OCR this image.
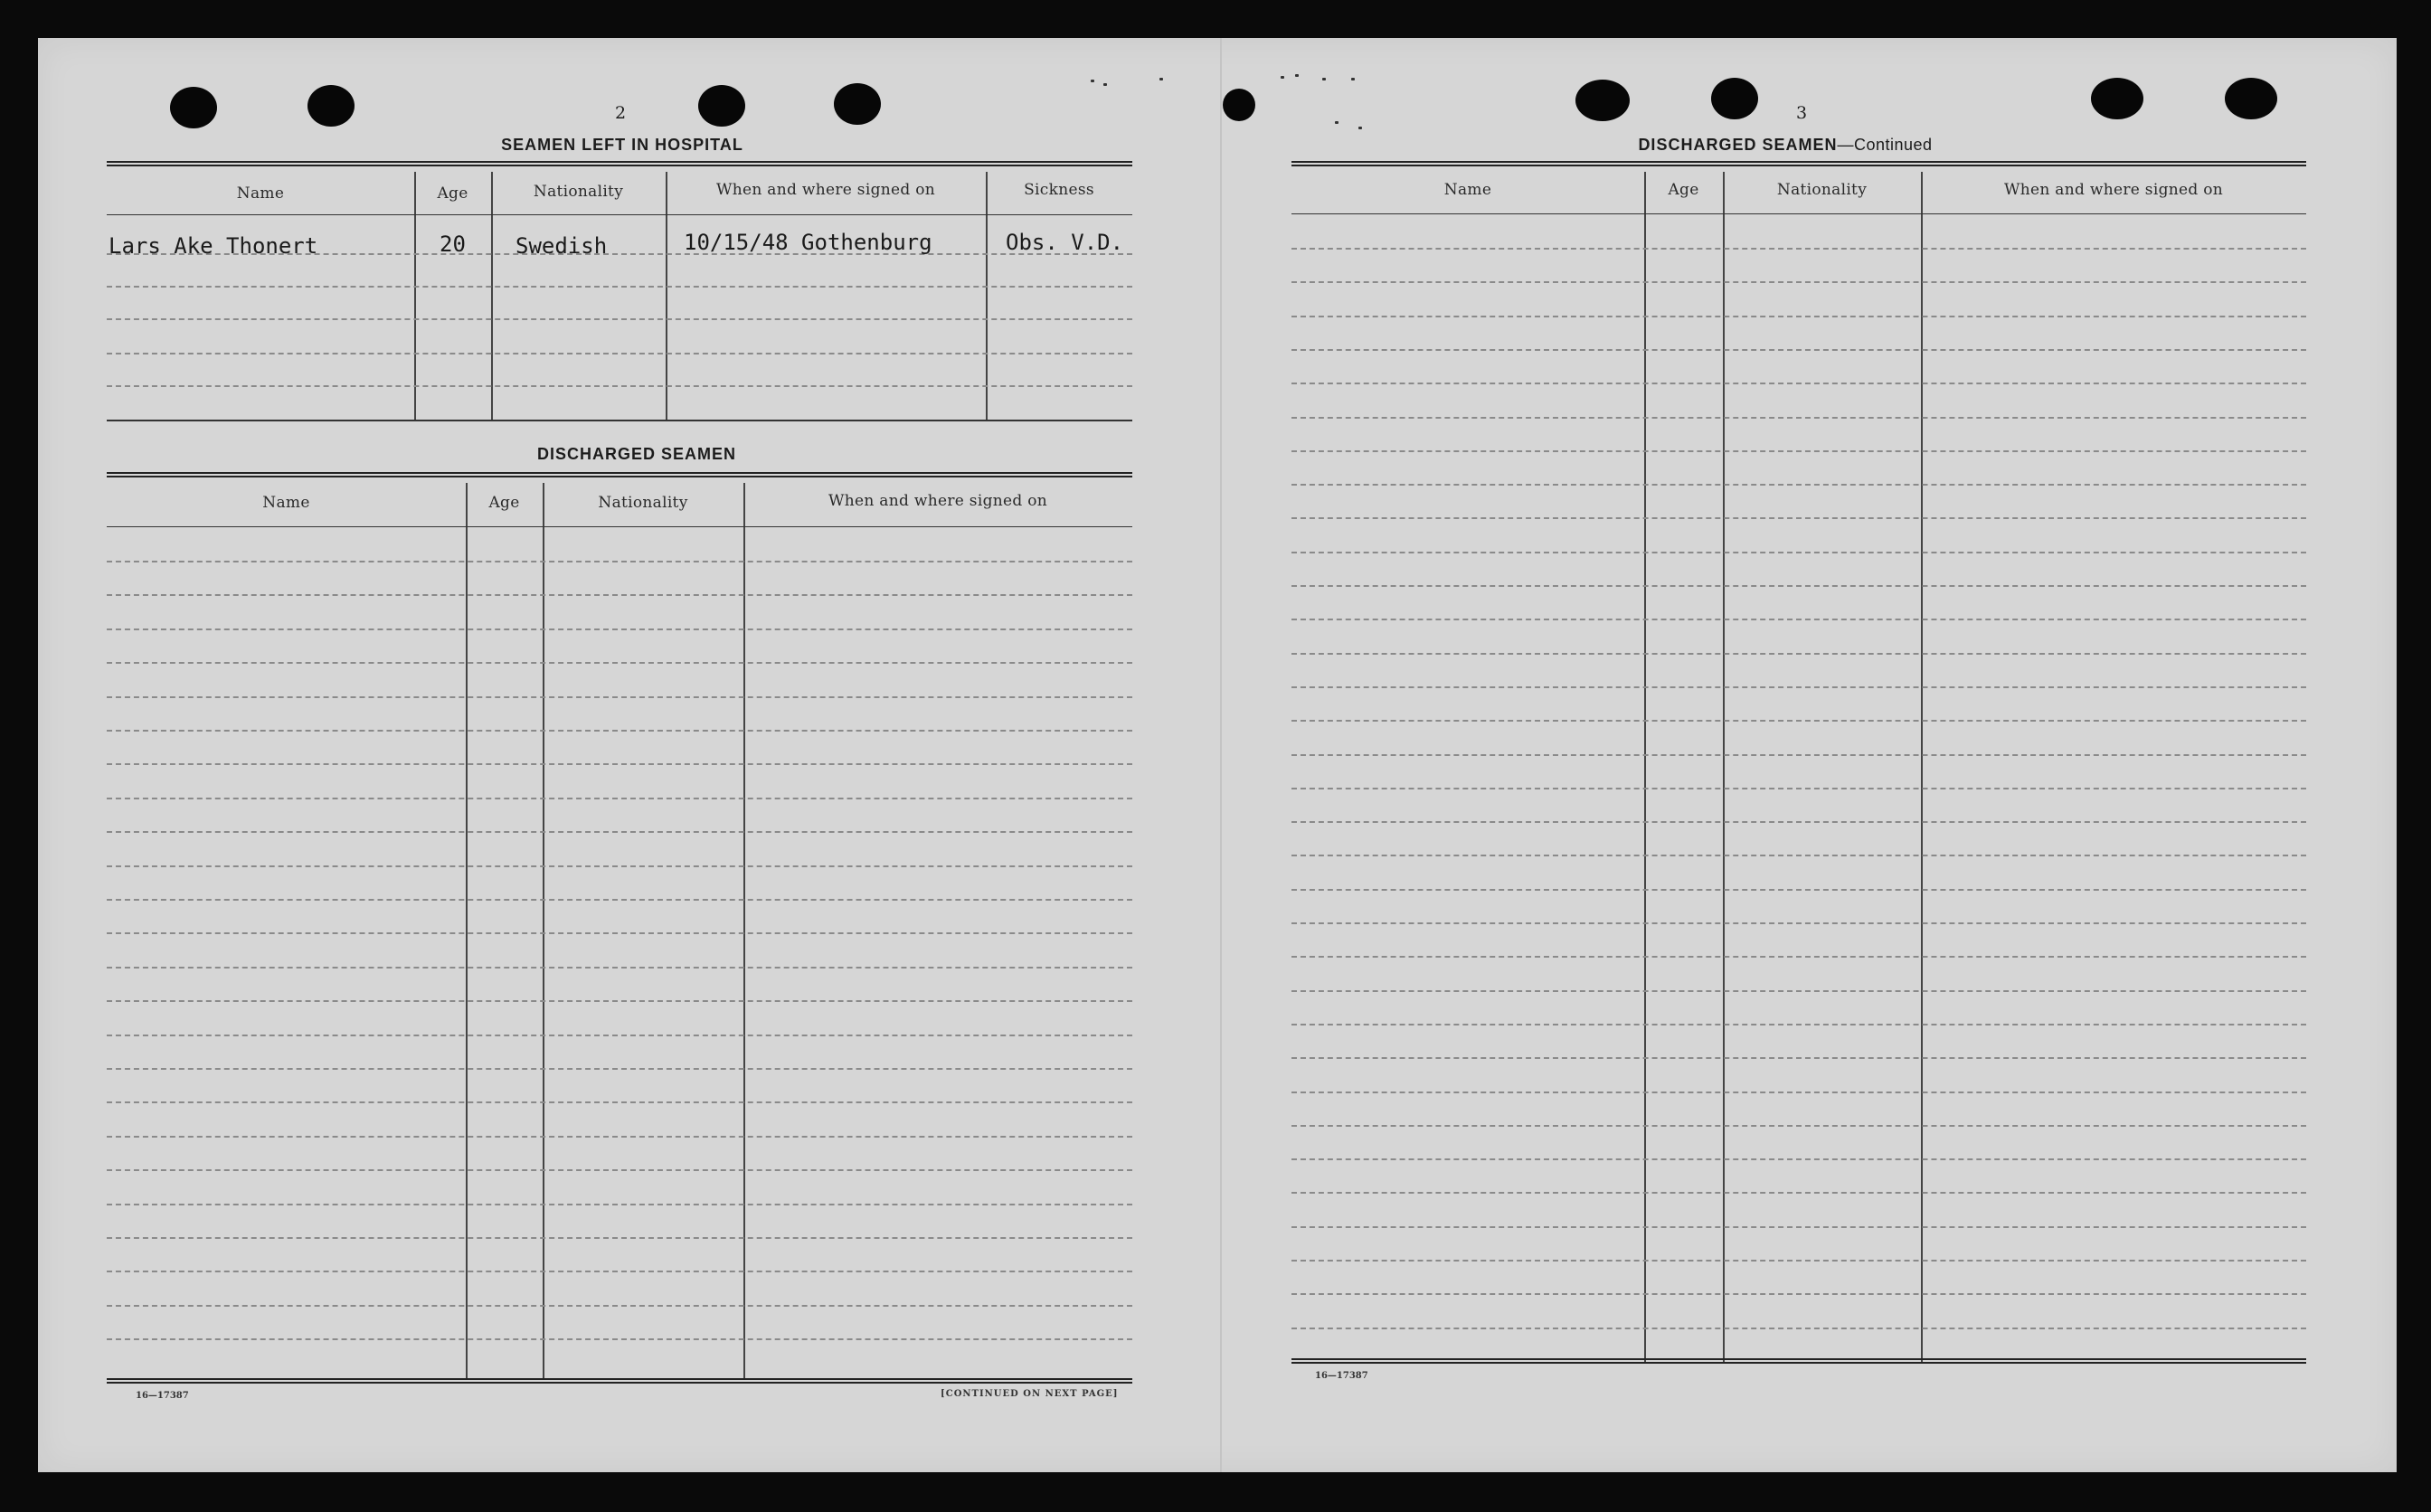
2
SEAMEN LEFT IN HOSPITAL
Name	Age	Nationality	When and where signed on	Sickness
Lars Ake Thonert	20 Swedish	10/15/48 Gothenburg	Obs. V.D.
DISCHARGED SEAMEN
Name	Age	Nationality	When and where signed on
16—17387	[CONTINUED ON NEXT PAGE]
3
DISCHARGED SEAMEN—Continued
Name	Age	Nationality	When and where signed on
16—17387
